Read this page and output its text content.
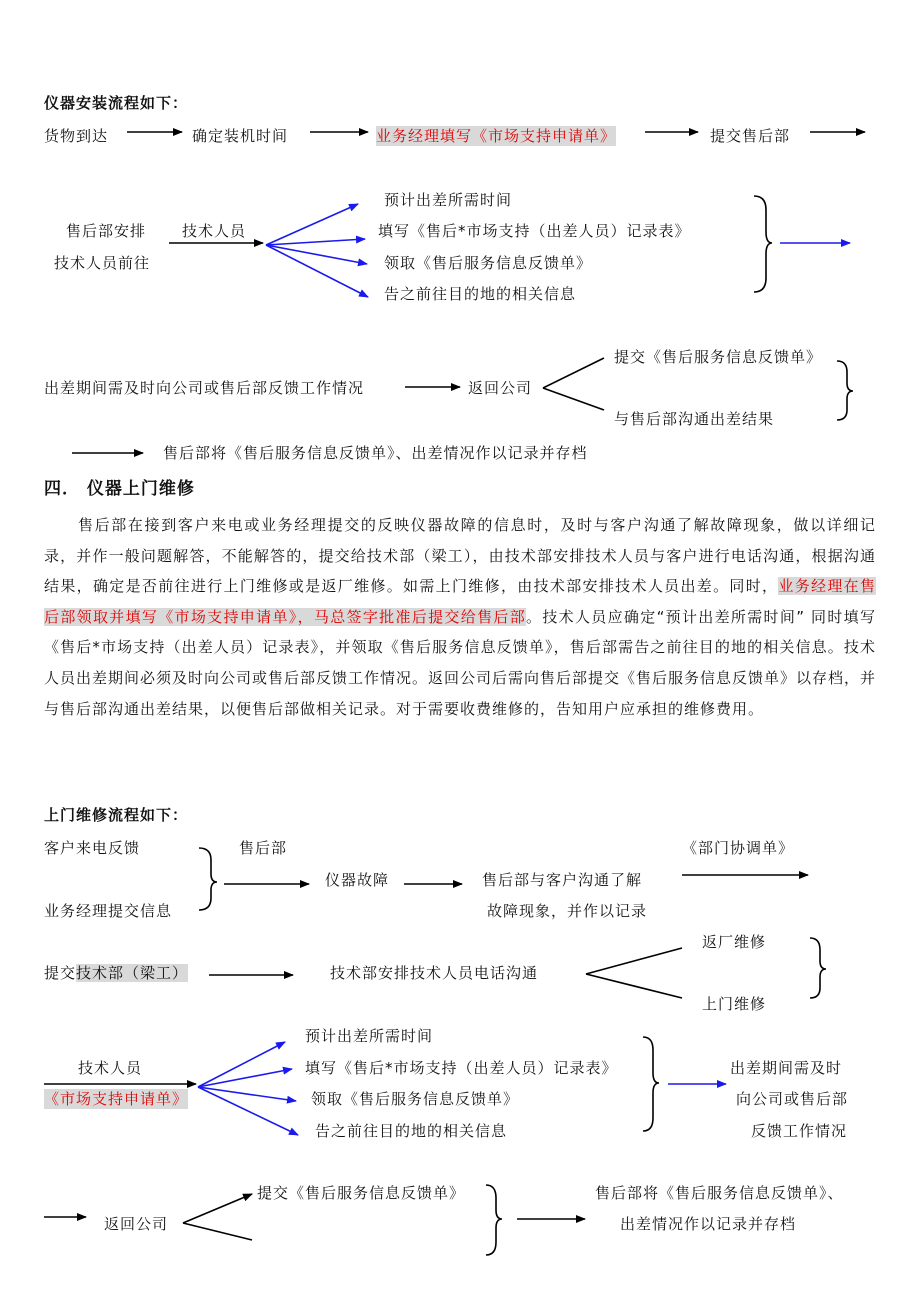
仪器安装流程如下：
货物到达	确定装机时间	业务经理填写《市场支持申请单》	提交售后部
售后部安排
技术人员前往
技术人员
预计出差所需时间
填写《售后*市场支持（出差人员）记录表》
领取《售后服务信息反馈单》
告之前往目的地的相关信息
出差期间需及时向公司或售后部反馈工作情况	返回公司
提交《售后服务信息反馈单》
与售后部沟通出差结果
售后部将《售后服务信息反馈单》、出差情况作以记录并存档
四． 仪器上门维修

售后部在接到客户来电或业务经理提交的反映仪器故障的信息时，及时与客户沟通了解故障现象，做以详细记录，并作一般问题解答，不能解答的，提交给技术部（梁工），由技术部安排技术人员与客户进行电话沟通，根据沟通结果，确定是否前往进行上门维修或是返厂维修。如需上门维修，由技术部安排技术人员出差。同时，业务经理在售后部领取并填写《市场支持申请单》，马总签字批准后提交给售后部。技术人员应确定“预计出差所需时间” 同时填写《售后*市场支持（出差人员）记录表》，并领取《售后服务信息反馈单》，售后部需告之前往目的地的相关信息。技术人员出差期间必须及时向公司或售后部反馈工作情况。返回公司后需向售后部提交《售后服务信息反馈单》以存档，并与售后部沟通出差结果，以便售后部做相关记录。对于需要收费维修的，告知用户应承担的维修费用。

上门维修流程如下：
客户来电反馈
业务经理提交信息
售后部
仪器故障	售后部与客户沟通了解
故障现象，并作以记录
《部门协调单》
提交技术部（梁工）	技术部安排技术人员电话沟通
返厂维修
上门维修
技术人员
《市场支持申请单》
预计出差所需时间
填写《售后*市场支持（出差人员）记录表》
领取《售后服务信息反馈单》
告之前往目的地的相关信息
出差期间需及时
向公司或售后部
反馈工作情况
返回公司
提交《售后服务信息反馈单》	售后部将《售后服务信息反馈单》、
出差情况作以记录并存档
